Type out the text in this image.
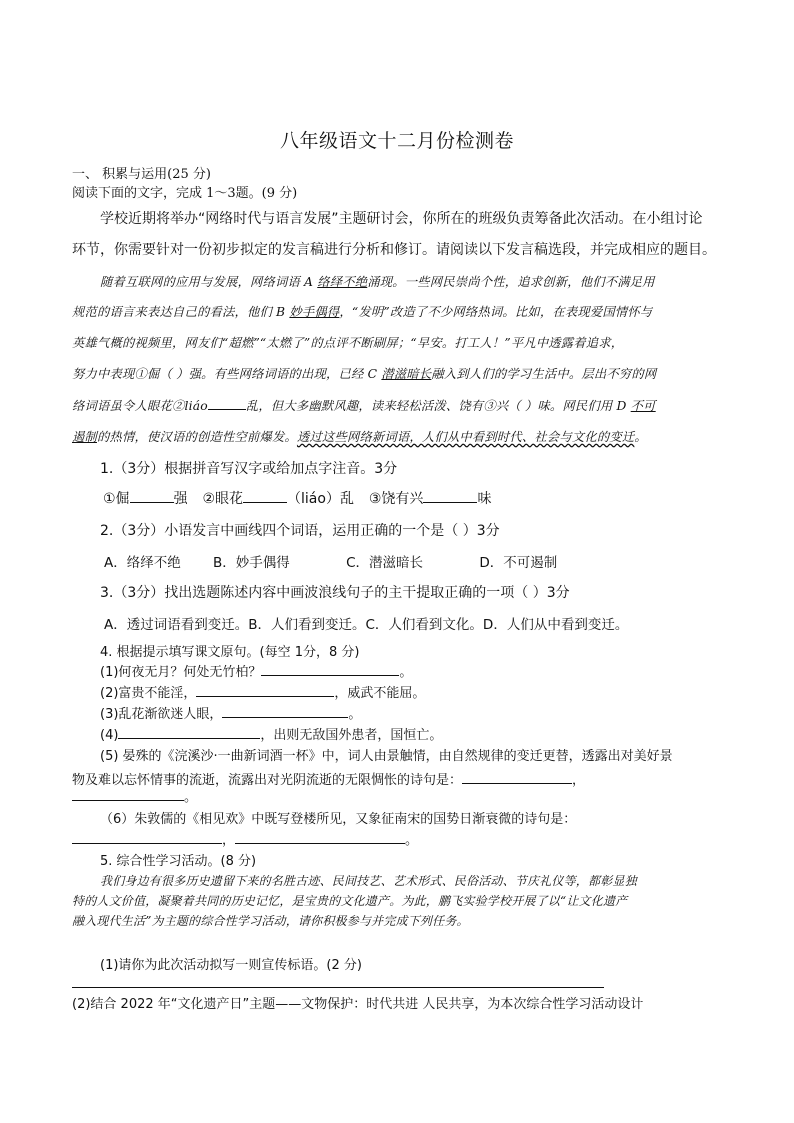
八年级语文十二月份检测卷
一、 积累与运用(25 分)
阅读下面的文字，完成 1～3题。(9 分)
学校近期将举办“网络时代与语言发展”主题研讨会，你所在的班级负责筹备此次活动。在小组讨论
环节，你需要针对一份初步拟定的发言稿进行分析和修订。请阅读以下发言稿选段，并完成相应的题目。
随着互联网的应用与发展，网络词语 A 络绎不绝涌现。一些网民崇尚个性，追求创新，他们不满足用
规范的语言来表达自己的看法，他们 B 妙手偶得，“发明”改造了不少网络热词。比如，在表现爱国情怀与
英雄气概的视频里，网友们“超燃”“太燃了”的点评不断刷屏；“早安。打工人！”平凡中透露着追求，
努力中表现①倔（ ）强。有些网络词语的出现，已经 C 潜滋暗长融入到人们的学习生活中。层出不穷的网
络词语虽令人眼花②liáo	乱，但大多幽默风趣，读来轻松活泼、饶有③兴（ ）味。网民们用 D 不可
遏制的热情，使汉语的创造性空前爆发。透过这些网络新词语，人们从中看到时代、社会与文化的变迁。
1.（3分）根据拼音写汉字或给加点字注音。3分
①倔	强 ②眼花	（liáo）乱 ③饶有兴	味
2.（3分）小语发言中画线四个词语，运用正确的一个是（ ）3分
A．络绎不绝 B．妙手偶得	C．潜滋暗长	D．不可遏制
3.（3分）找出选题陈述内容中画波浪线句子的主干提取正确的一项（ ）3分
A．透过词语看到变迁。B．人们看到变迁。C．人们看到文化。D．人们从中看到变迁。
4. 根据提示填写课文原句。(每空 1分，8 分)
(1)何夜无月？何处无竹柏？	。
(2)富贵不能淫，	，威武不能屈。
(3)乱花渐欲迷人眼，	。
(4)	，出则无敌国外患者，国恒亡。
(5) 晏殊的《浣溪沙·一曲新词酒一杯》中，词人由景触情，由自然规律的变迁更替，透露出对美好景
物及难以忘怀情事的流逝，流露出对光阴流逝的无限惆怅的诗句是：	，
。
（6）朱敦儒的《相见欢》中既写登楼所见，又象征南宋的国势日渐衰微的诗句是：
，	。
5. 综合性学习活动。(8 分)
我们身边有很多历史遗留下来的名胜古迹、民间技艺、艺术形式、民俗活动、节庆礼仪等，都彰显独
特的人文价值，凝聚着共同的历史记忆，是宝贵的文化遗产。为此，鹏飞实验学校开展了以“让文化遗产
融入现代生活”为主题的综合性学习活动，请你积极参与并完成下列任务。
(1)请你为此次活动拟写一则宣传标语。(2 分)
(2)结合 2022 年“文化遗产日”主题——文物保护：时代共进 人民共享，为本次综合性学习活动设计
